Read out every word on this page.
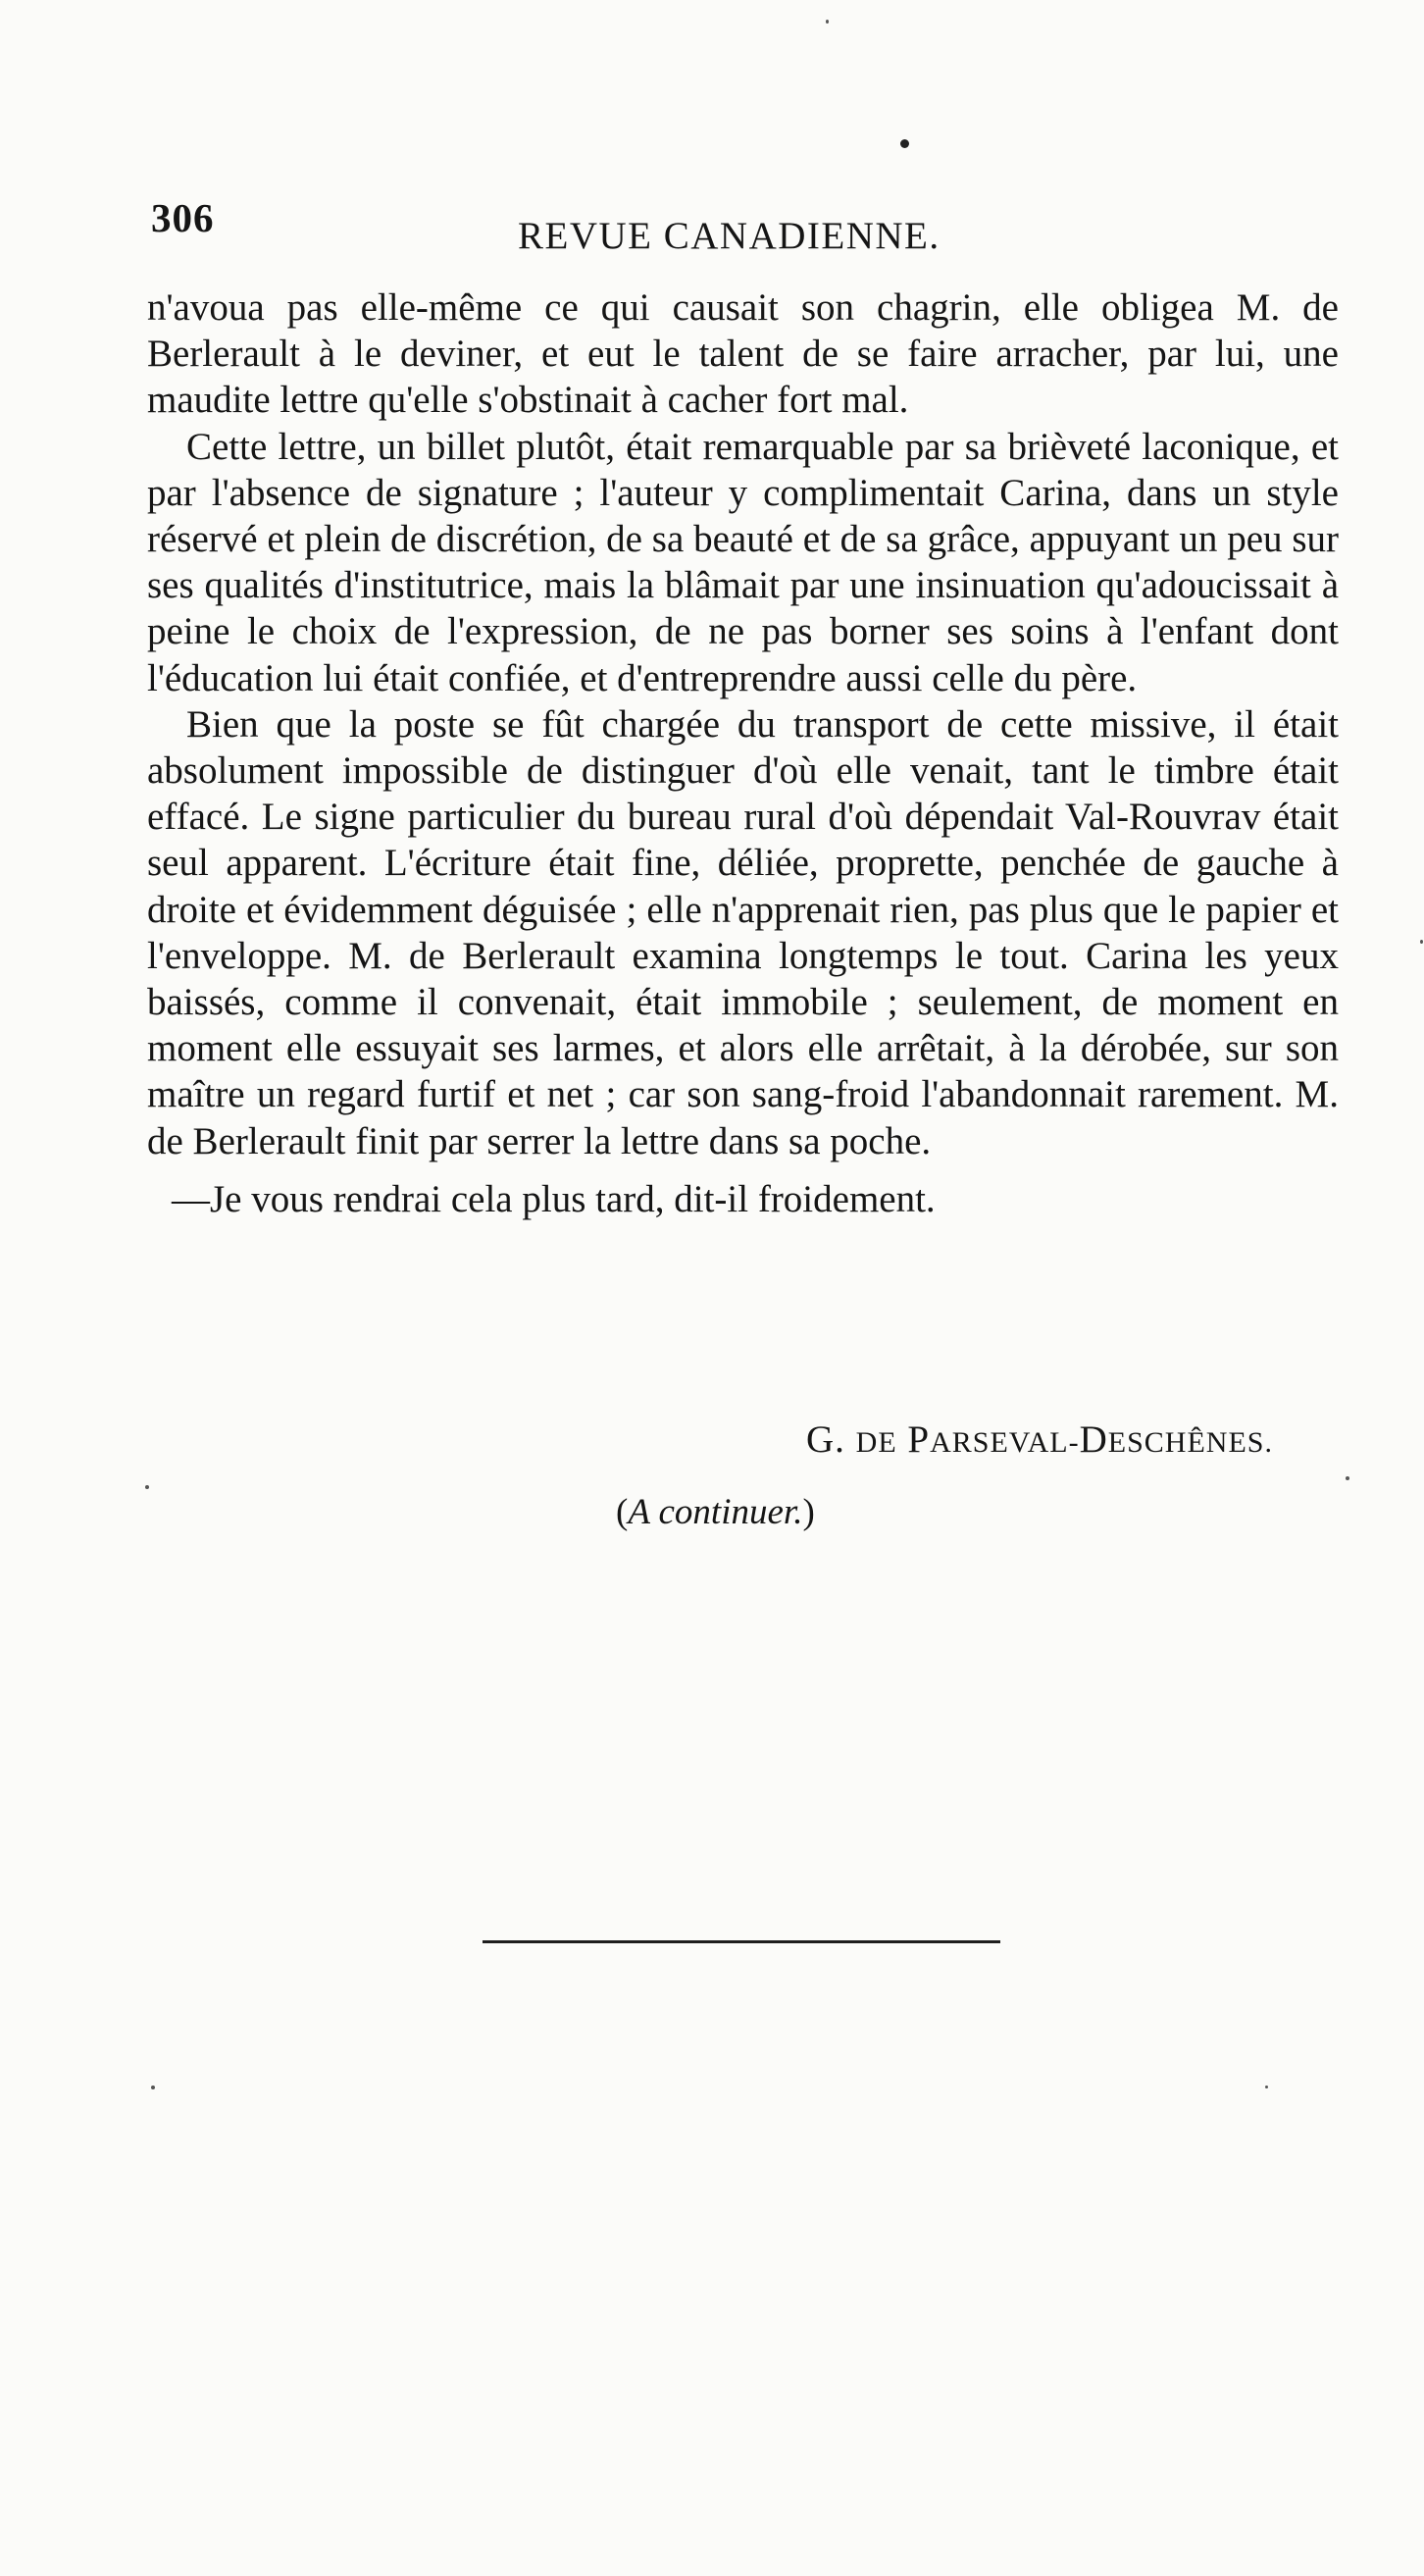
306	REVUE CANADIENNE.

n'avoua pas elle-même ce qui causait son chagrin, elle obligea M. de Berlerault à le deviner, et eut le talent de se faire arracher, par lui, une maudite lettre qu'elle s'obstinait à cacher fort mal.

Cette lettre, un billet plutôt, était remarquable par sa brièveté laconique, et par l'absence de signature ; l'auteur y complimentait Carina, dans un style réservé et plein de discrétion, de sa beauté et de sa grâce, appuyant un peu sur ses qualités d'institutrice, mais la blâmait par une insinuation qu'adoucissait à peine le choix de l'expression, de ne pas borner ses soins à l'enfant dont l'éducation lui était confiée, et d'entreprendre aussi celle du père.

Bien que la poste se fût chargée du transport de cette missive, il était absolument impossible de distinguer d'où elle venait, tant le timbre était effacé. Le signe particulier du bureau rural d'où dépendait Val-Rouvrav était seul apparent. L'écriture était fine, déliée, proprette, penchée de gauche à droite et évidemment déguisée ; elle n'apprenait rien, pas plus que le papier et l'enveloppe. M. de Berlerault examina longtemps le tout. Carina les yeux baissés, comme il convenait, était immobile ; seulement, de moment en moment elle essuyait ses larmes, et alors elle arrêtait, à la dérobée, sur son maître un regard furtif et net ; car son sang-froid l'abandonnait rarement. M. de Berlerault finit par serrer la lettre dans sa poche.

—Je vous rendrai cela plus tard, dit-il froidement.

G. DE PARSEVAL-DESCHÊNES.
(A continuer.)
